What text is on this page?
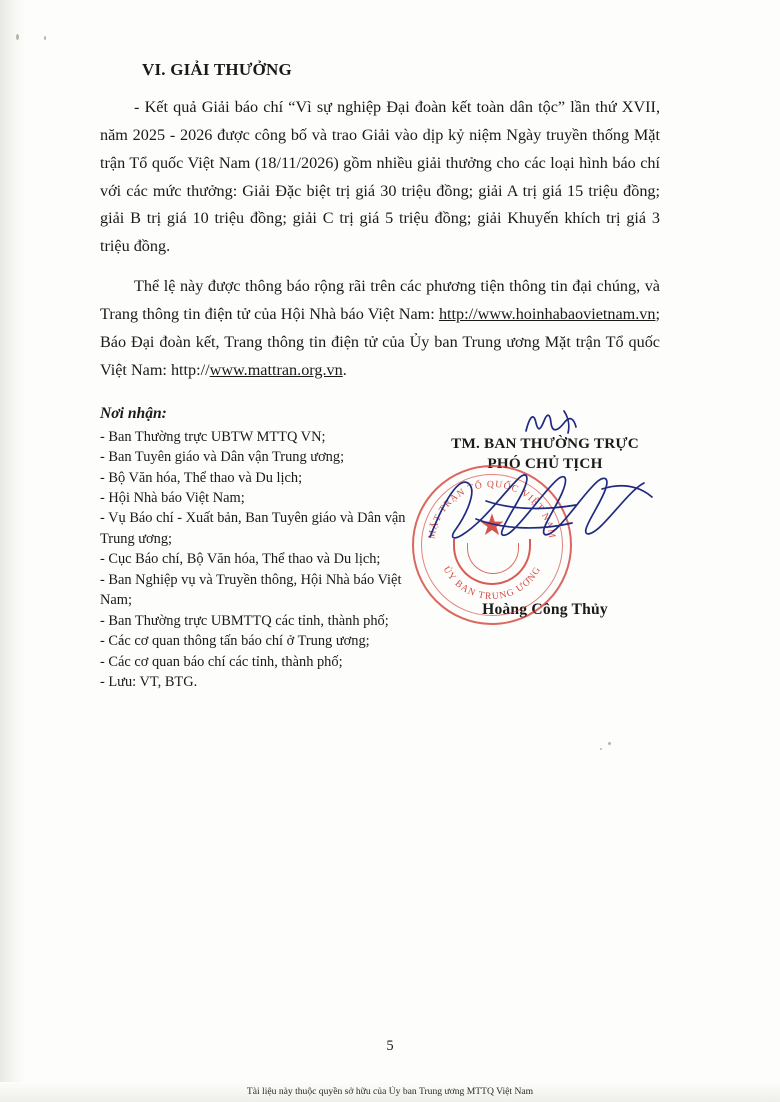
VI. GIẢI THƯỞNG

- Kết quả Giải báo chí “Vì sự nghiệp Đại đoàn kết toàn dân tộc” lần thứ XVII, năm 2025 - 2026 được công bố và trao Giải vào dịp kỷ niệm Ngày truyền thống Mặt trận Tổ quốc Việt Nam (18/11/2026) gồm nhiều giải thưởng cho các loại hình báo chí với các mức thưởng: Giải Đặc biệt trị giá 30 triệu đồng; giải A trị giá 15 triệu đồng; giải B trị giá 10 triệu đồng; giải C trị giá 5 triệu đồng; giải Khuyến khích trị giá 3 triệu đồng.

Thể lệ này được thông báo rộng rãi trên các phương tiện thông tin đại chúng, và Trang thông tin điện tử của Hội Nhà báo Việt Nam: http://www.hoinhabaovietnam.vn; Báo Đại đoàn kết, Trang thông tin điện tử của Ủy ban Trung ương Mặt trận Tổ quốc Việt Nam: http://www.mattran.org.vn.

Nơi nhận:
- Ban Thường trực UBTW MTTQ VN;
- Ban Tuyên giáo và Dân vận Trung ương;
- Bộ Văn hóa, Thể thao và Du lịch;
- Hội Nhà báo Việt Nam;
- Vụ Báo chí - Xuất bản, Ban Tuyên giáo và Dân vận Trung ương;
- Cục Báo chí, Bộ Văn hóa, Thể thao và Du lịch;
- Ban Nghiệp vụ và Truyền thông, Hội Nhà báo Việt Nam;
- Ban Thường trực UBMTTQ các tỉnh, thành phố;
- Các cơ quan thông tấn báo chí ở Trung ương;
- Các cơ quan báo chí các tỉnh, thành phố;
- Lưu: VT, BTG.
TM. BAN THƯỜNG TRỰC
PHÓ CHỦ TỊCH
★
MẶT TRẬN TỔ QUỐC VIỆT NAM
ỦY BAN TRUNG ƯƠNG
Hoàng Công Thủy
5
Tài liệu này thuộc quyền sở hữu của Ủy ban Trung ương MTTQ Việt Nam
